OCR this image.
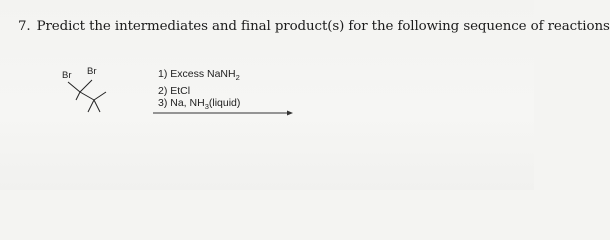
7. Predict the intermediates and final product(s) for the following sequence of reactions
Br Br	1) Excess NaNH$_2$
2) EtCl
3) Na, $NH_3(liquid)$
